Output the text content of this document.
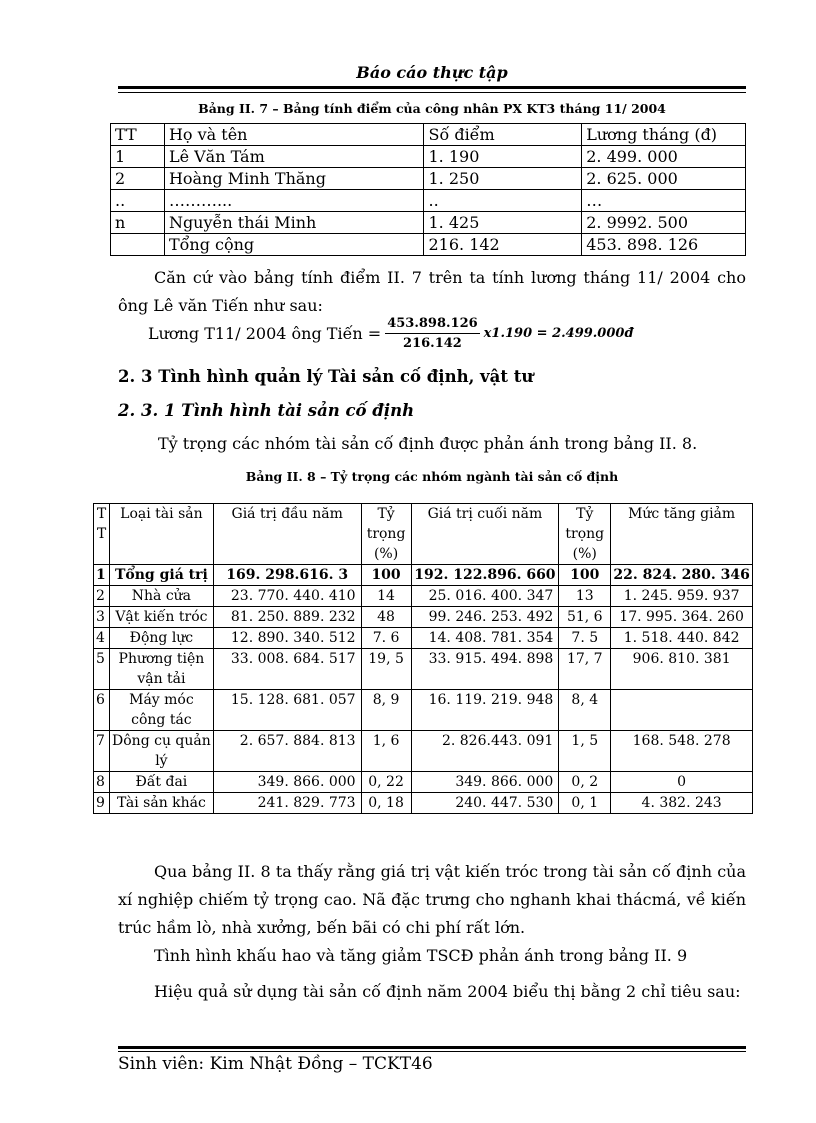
Báo cáo thực tập
Bảng II. 7 – Bảng tính điểm của công nhân PX KT3 tháng 11/ 2004
TT	Họ và tên	Số điểm	Lương tháng (đ)
1	Lê Văn Tám	1. 190	2. 499. 000
2	Hoàng Minh Thăng	1. 250	2. 625. 000
..	………...	..	…
n	Nguyễn thái Minh	1. 425	2. 9992. 500
	Tổng cộng	216. 142	453. 898. 126
Căn cứ vào bảng tính điểm II. 7 trên ta tính lương tháng 11/ 2004 cho ông Lê văn Tiến như sau:
Lương T11/ 2004 ông Tiến = $\frac{453.898.126}{216.142} x1.190$ = 2.499.000đ
2. 3 Tình hình quản lý Tài sản cố định, vật tư
2. 3. 1 Tình hình tài sản cố định
Tỷ trọng các nhóm tài sản cố định được phản ánh trong bảng II. 8.
Bảng II. 8 – Tỷ trọng các nhóm ngành tài sản cố định
T T	Loại tài sản	Giá trị đầu năm	Tỷ trọng (%)	Giá trị cuối năm	Tỷ trọng (%)	Mức tăng giảm
1	Tổng giá trị	169. 298.616. 3	100	192. 122.896. 660	100	22. 824. 280. 346
2	Nhà cửa	23. 770. 440. 410	14	25. 016. 400. 347	13	1. 245. 959. 937
3	Vật kiến tróc	81. 250. 889. 232	48	99. 246. 253. 492	51, 6	17. 995. 364. 260
4	Động lực	12. 890. 340. 512	7. 6	14. 408. 781. 354	7. 5	1. 518. 440. 842
5	Phương tiện vận tải	33. 008. 684. 517	19, 5	33. 915. 494. 898	17, 7	906. 810. 381
6	Máy móc công tác	15. 128. 681. 057	8, 9	16. 119. 219. 948	8, 4	
7	Dông cụ quản lý	2. 657. 884. 813	1, 6	2. 826.443. 091	1, 5	168. 548. 278
8	Đất đai	349. 866. 000	0, 22	349. 866. 000	0, 2	0
9	Tài sản khác	241. 829. 773	0, 18	240. 447. 530	0, 1	4. 382. 243
Qua bảng II. 8 ta thấy rằng giá trị vật kiến tróc trong tài sản cố định của xí nghiệp chiếm tỷ trọng cao. Nã đặc trưng cho nghanh khai thácmá, về kiến trúc hầm lò, nhà xưởng, bến bãi có chi phí rất lớn.
Tình hình khấu hao và tăng giảm TSCĐ phản ánh trong bảng II. 9
Hiệu quả sử dụng tài sản cố định năm 2004 biểu thị bằng 2 chỉ tiêu sau:
Sinh viên: Kim Nhật Đồng – TCKT46
